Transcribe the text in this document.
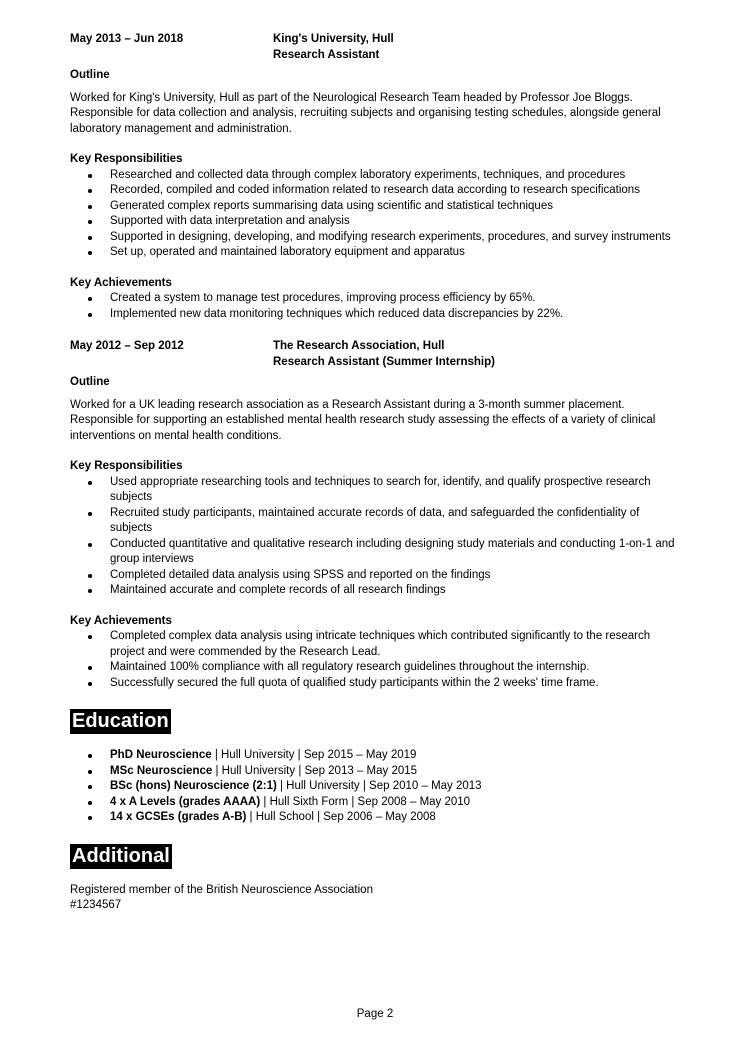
May 2013 – Jun 2018	King's University, Hull
Research Assistant
Outline
Worked for King's University, Hull as part of the Neurological Research Team headed by Professor Joe Bloggs. Responsible for data collection and analysis, recruiting subjects and organising testing schedules, alongside general laboratory management and administration.
Key Responsibilities
Researched and collected data through complex laboratory experiments, techniques, and procedures
Recorded, compiled and coded information related to research data according to research specifications
Generated complex reports summarising data using scientific and statistical techniques
Supported with data interpretation and analysis
Supported in designing, developing, and modifying research experiments, procedures, and survey instruments
Set up, operated and maintained laboratory equipment and apparatus
Key Achievements
Created a system to manage test procedures, improving process efficiency by 65%.
Implemented new data monitoring techniques which reduced data discrepancies by 22%.
May 2012 – Sep 2012	The Research Association, Hull
Research Assistant (Summer Internship)
Outline
Worked for a UK leading research association as a Research Assistant during a 3-month summer placement. Responsible for supporting an established mental health research study assessing the effects of a variety of clinical interventions on mental health conditions.
Key Responsibilities
Used appropriate researching tools and techniques to search for, identify, and qualify prospective research subjects
Recruited study participants, maintained accurate records of data, and safeguarded the confidentiality of subjects
Conducted quantitative and qualitative research including designing study materials and conducting 1-on-1 and group interviews
Completed detailed data analysis using SPSS and reported on the findings
Maintained accurate and complete records of all research findings
Key Achievements
Completed complex data analysis using intricate techniques which contributed significantly to the research project and were commended by the Research Lead.
Maintained 100% compliance with all regulatory research guidelines throughout the internship.
Successfully secured the full quota of qualified study participants within the 2 weeks' time frame.
Education
PhD Neuroscience | Hull University | Sep 2015 – May 2019
MSc Neuroscience | Hull University | Sep 2013 – May 2015
BSc (hons) Neuroscience (2:1) | Hull University | Sep 2010 – May 2013
4 x A Levels (grades AAAA) | Hull Sixth Form | Sep 2008 – May 2010
14 x GCSEs (grades A-B) | Hull School | Sep 2006 – May 2008
Additional
Registered member of the British Neuroscience Association
#1234567
Page 2
